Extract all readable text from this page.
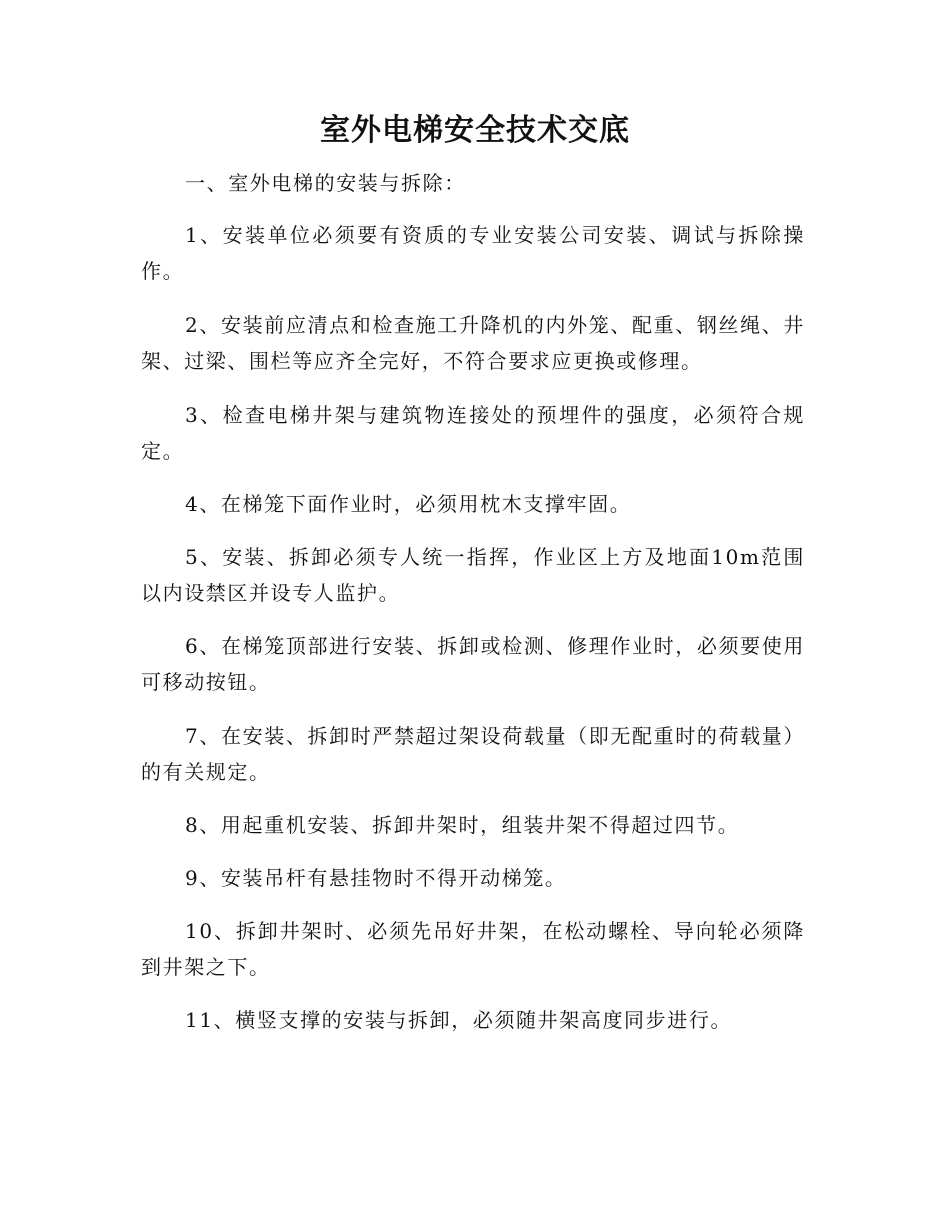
室外电梯安全技术交底

一、室外电梯的安装与拆除：

1、安装单位必须要有资质的专业安装公司安装、调试与拆除操作。

2、安装前应清点和检查施工升降机的内外笼、配重、钢丝绳、井架、过梁、围栏等应齐全完好，不符合要求应更换或修理。

3、检查电梯井架与建筑物连接处的预埋件的强度，必须符合规定。

4、在梯笼下面作业时，必须用枕木支撑牢固。

5、安装、拆卸必须专人统一指挥，作业区上方及地面10m范围以内设禁区并设专人监护。

6、在梯笼顶部进行安装、拆卸或检测、修理作业时，必须要使用可移动按钮。

7、在安装、拆卸时严禁超过架设荷载量（即无配重时的荷载量）的有关规定。

8、用起重机安装、拆卸井架时，组装井架不得超过四节。

9、安装吊杆有悬挂物时不得开动梯笼。

10、拆卸井架时、必须先吊好井架，在松动螺栓、导向轮必须降到井架之下。

11、横竖支撑的安装与拆卸，必须随井架高度同步进行。
